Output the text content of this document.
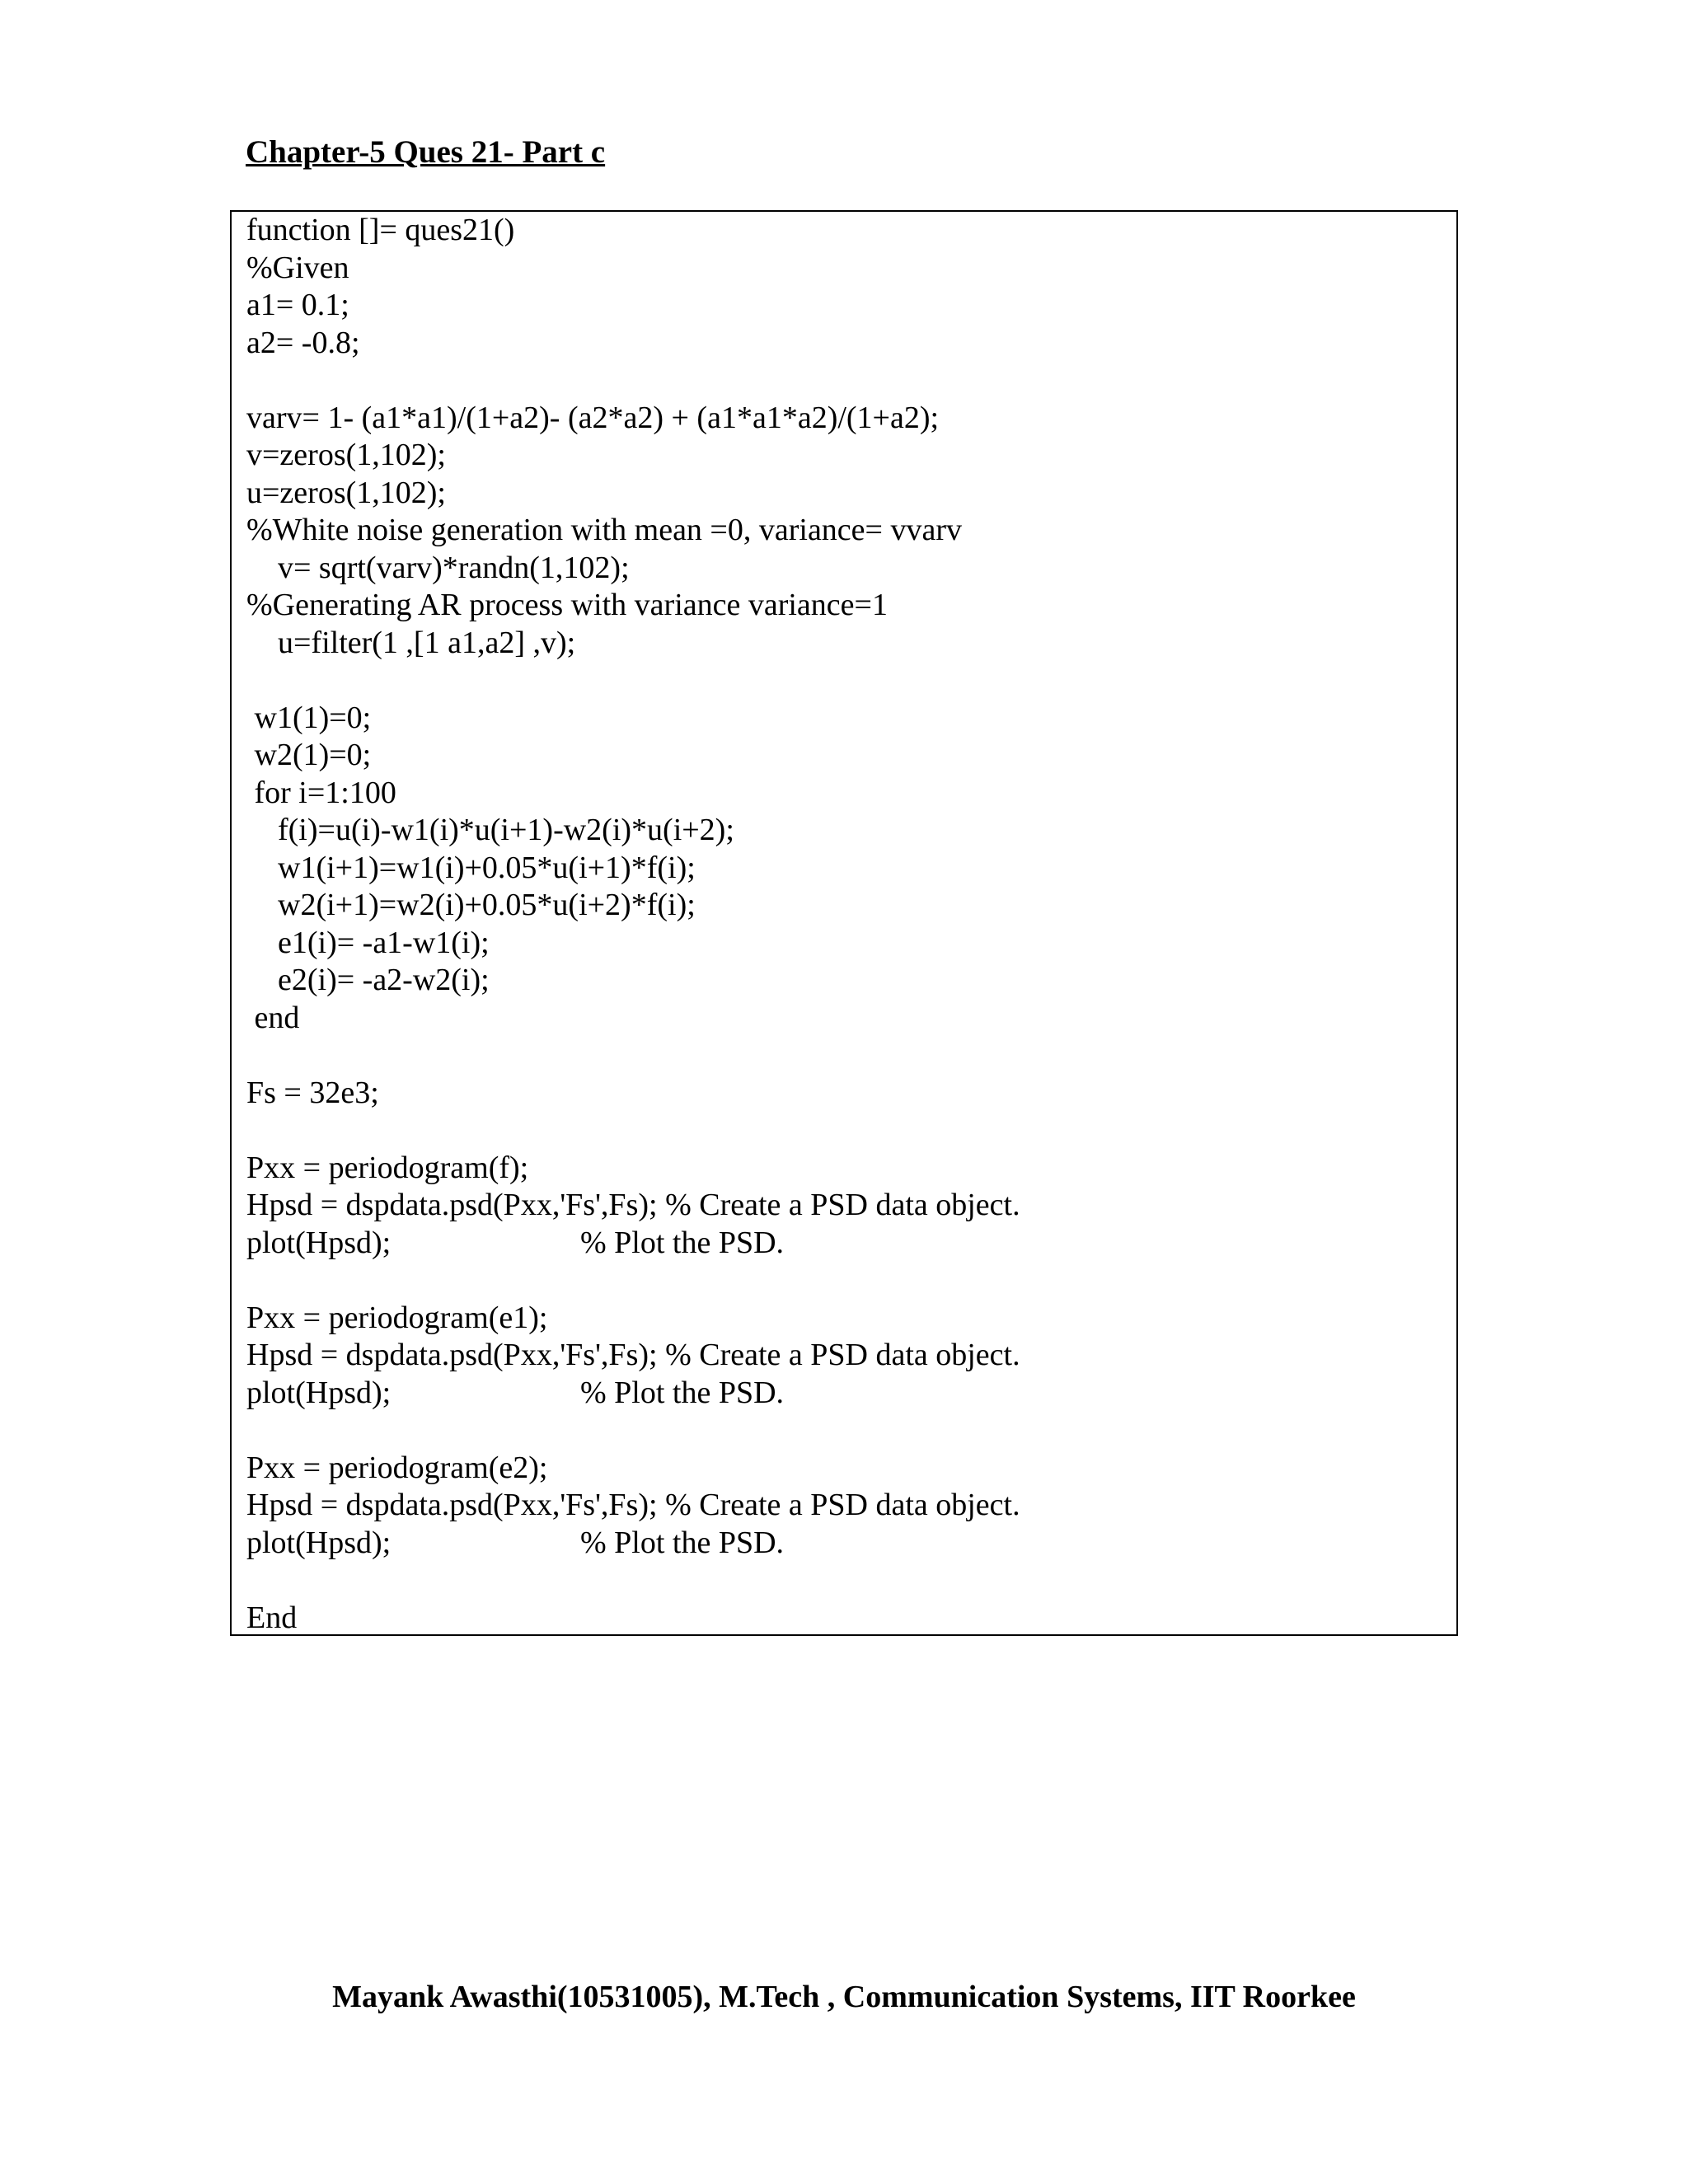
Chapter-5 Ques 21- Part c
function []= ques21()
%Given
a1= 0.1;
a2= -0.8;
varv= 1- (a1*a1)/(1+a2)- (a2*a2) + (a1*a1*a2)/(1+a2);
v=zeros(1,102);
u=zeros(1,102);
%White noise generation with mean =0, variance= vvarv
v= sqrt(varv)*randn(1,102);
%Generating AR process with variance variance=1
u=filter(1 ,[1 a1,a2] ,v);
w1(1)=0;
w2(1)=0;
for i=1:100
f(i)=u(i)-w1(i)*u(i+1)-w2(i)*u(i+2);
w1(i+1)=w1(i)+0.05*u(i+1)*f(i);
w2(i+1)=w2(i)+0.05*u(i+2)*f(i);
e1(i)= -a1-w1(i);
e2(i)= -a2-w2(i);
end
Fs = 32e3;
Pxx = periodogram(f);
Hpsd = dspdata.psd(Pxx,'Fs',Fs); % Create a PSD data object.
plot(Hpsd);	% Plot the PSD.
Pxx = periodogram(e1);
Hpsd = dspdata.psd(Pxx,'Fs',Fs); % Create a PSD data object.
plot(Hpsd);	% Plot the PSD.
Pxx = periodogram(e2);
Hpsd = dspdata.psd(Pxx,'Fs',Fs); % Create a PSD data object.
plot(Hpsd);	% Plot the PSD.
End
Mayank Awasthi(10531005), M.Tech , Communication Systems, IIT Roorkee
